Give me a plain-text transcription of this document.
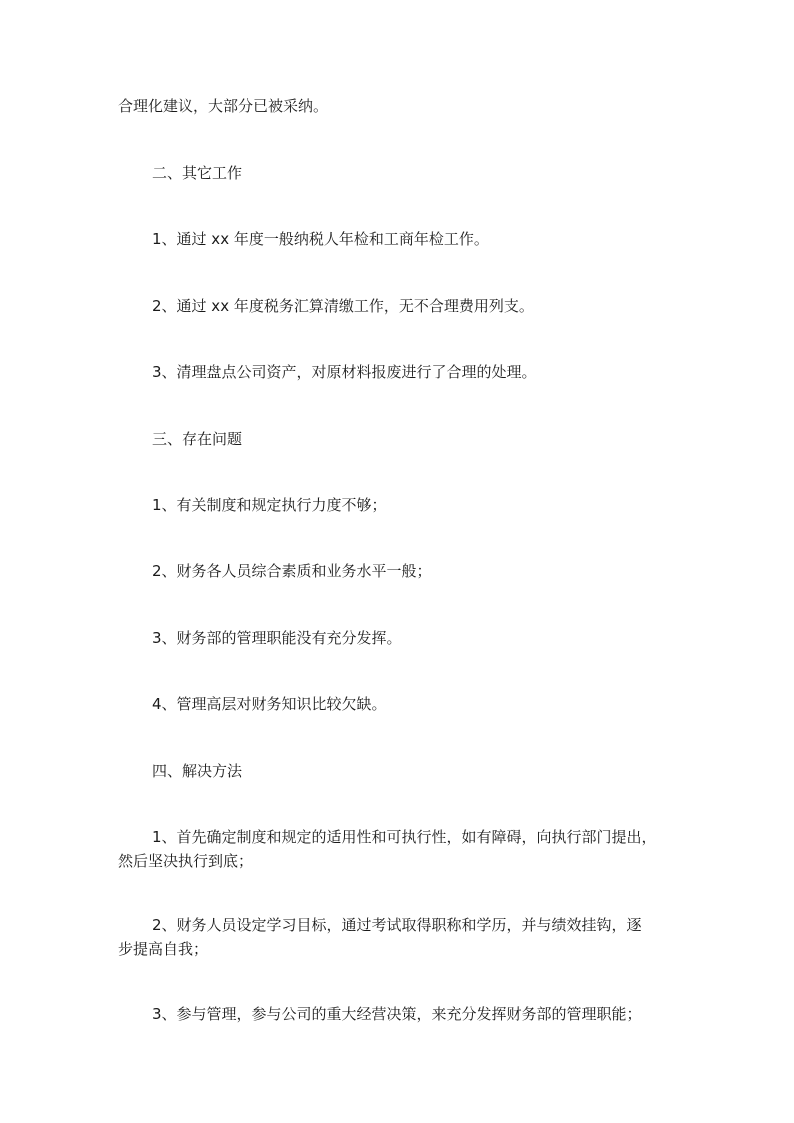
合理化建议，大部分已被采纳。
二、其它工作
1、通过 xx 年度一般纳税人年检和工商年检工作。
2、通过 xx 年度税务汇算清缴工作，无不合理费用列支。
3、清理盘点公司资产，对原材料报废进行了合理的处理。
三、存在问题
1、有关制度和规定执行力度不够；
2、财务各人员综合素质和业务水平一般；
3、财务部的管理职能没有充分发挥。
4、管理高层对财务知识比较欠缺。
四、解决方法
1、首先确定制度和规定的适用性和可执行性，如有障碍，向执行部门提出，
然后坚决执行到底；
2、财务人员设定学习目标，通过考试取得职称和学历，并与绩效挂钩，逐
步提高自我；
3、参与管理，参与公司的重大经营决策，来充分发挥财务部的管理职能；
